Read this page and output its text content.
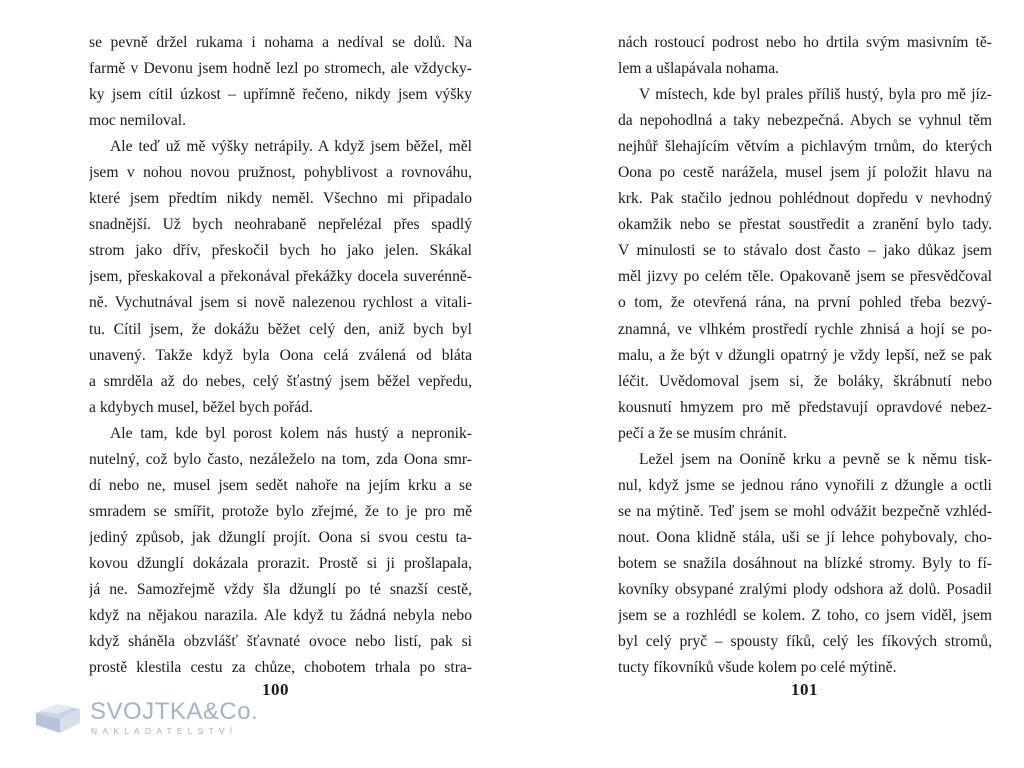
se pevně držel rukama i nohama a nedíval se dolů. Na
farmě v Devonu jsem hodně lezl po stromech, ale vždycky-
ky jsem cítil úzkost – upřímně řečeno, nikdy jsem výšky
moc nemiloval.
Ale teď už mě výšky netrápily. A když jsem běžel, měl
jsem v nohou novou pružnost, pohyblivost a rovnováhu,
které jsem předtím nikdy neměl. Všechno mi připadalo
snadnější. Už bych neohrabaně nepřelézal přes spadlý
strom jako dřív, přeskočil bych ho jako jelen. Skákal
jsem, přeskakoval a překonával překážky docela suverénně-
ně. Vychutnával jsem si nově nalezenou rychlost a vitali-
tu. Cítil jsem, že dokážu běžet celý den, aniž bych byl
unavený. Takže když byla Oona celá zválená od bláta
a smrděla až do nebes, celý šťastný jsem běžel vepředu,
a kdybych musel, běžel bych pořád.
Ale tam, kde byl porost kolem nás hustý a nepronik-
nutelný, což bylo často, nezáleželo na tom, zda Oona smr-
dí nebo ne, musel jsem sedět nahoře na jejím krku a se
smradem se smířit, protože bylo zřejmé, že to je pro mě
jediný způsob, jak džunglí projít. Oona si svou cestu ta-
kovou džunglí dokázala prorazit. Prostě si ji prošlapala,
já ne. Samozřejmě vždy šla džunglí po té snazší cestě,
když na nějakou narazila. Ale když tu žádná nebyla nebo
když sháněla obzvlášť šťavnaté ovoce nebo listí, pak si
prostě klestila cestu za chůze, chobotem trhala po stra-
nách rostoucí podrost nebo ho drtila svým masivním tě-
lem a ušlapávala nohama.
V místech, kde byl prales příliš hustý, byla pro mě jíz-
da nepohodlná a taky nebezpečná. Abych se vyhnul těm
nejhůř šlehajícím větvím a pichlavým trnům, do kterých
Oona po cestě narážela, musel jsem jí položit hlavu na
krk. Pak stačilo jednou pohlédnout dopředu v nevhodný
okamžik nebo se přestat soustředit a zranění bylo tady.
V minulosti se to stávalo dost často – jako důkaz jsem
měl jizvy po celém těle. Opakovaně jsem se přesvědčoval
o tom, že otevřená rána, na první pohled třeba bezvý-
znamná, ve vlhkém prostředí rychle zhnisá a hojí se po-
malu, a že být v džungli opatrný je vždy lepší, než se pak
léčit. Uvědomoval jsem si, že boláky, škrábnutí nebo
kousnutí hmyzem pro mě představují opravdové nebez-
pečí a že se musím chránit.
Ležel jsem na Ooníně krku a pevně se k němu tisk-
nul, když jsme se jednou ráno vynořili z džungle a octli
se na mýtině. Teď jsem se mohl odvážit bezpečně vzhléd-
nout. Oona klidně stála, uši se jí lehce pohybovaly, cho-
botem se snažila dosáhnout na blízké stromy. Byly to fí-
kovníky obsypané zralými plody odshora až dolů. Posadil
jsem se a rozhlédl se kolem. Z toho, co jsem viděl, jsem
byl celý pryč – spousty fíků, celý les fíkových stromů,
tucty fíkovníků všude kolem po celé mýtině.
100	101
SVOJTKA&Co.
NAKLADATELSTVÍ
